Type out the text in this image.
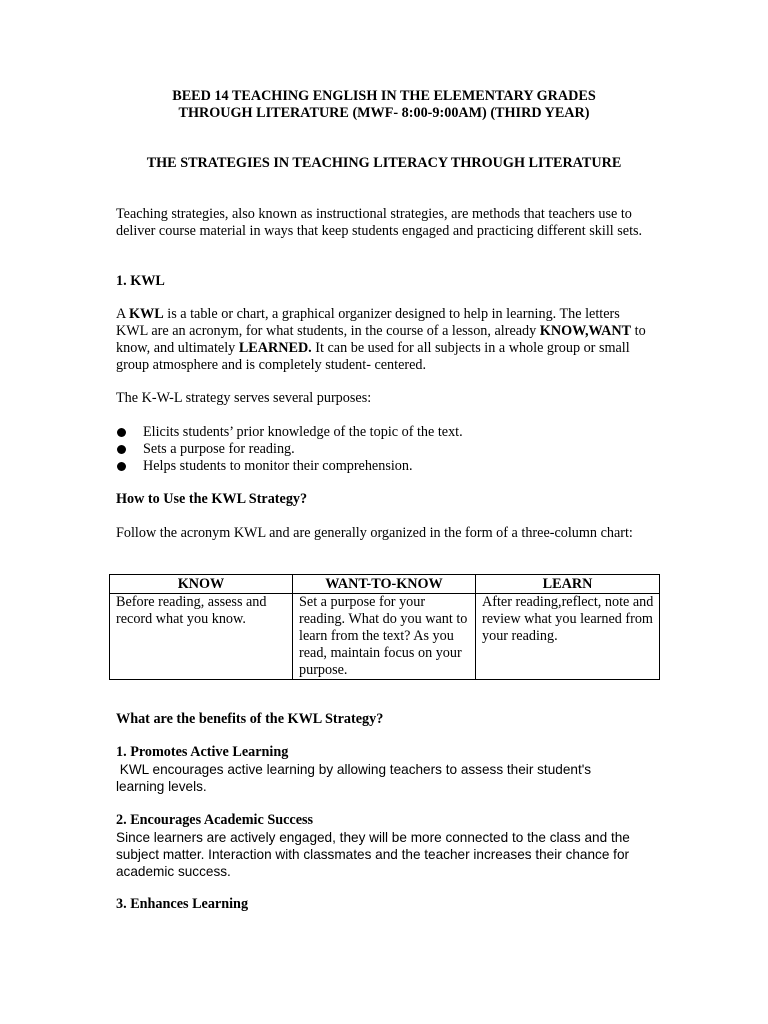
BEED 14 TEACHING ENGLISH IN THE ELEMENTARY GRADES

THROUGH LITERATURE (MWF- 8:00-9:00AM) (THIRD YEAR)

THE STRATEGIES IN TEACHING LITERACY THROUGH LITERATURE

Teaching strategies, also known as instructional strategies, are methods that teachers use to deliver course material in ways that keep students engaged and practicing different skill sets.

1. KWL

A KWL is a table or chart, a graphical organizer designed to help in learning. The letters KWL are an acronym, for what students, in the course of a lesson, already KNOW,WANT to know, and ultimately LEARNED. It can be used for all subjects in a whole group or small group atmosphere and is completely student- centered.

The K-W-L strategy serves several purposes:

Elicits students’ prior knowledge of the topic of the text.
Sets a purpose for reading.
Helps students to monitor their comprehension.

How to Use the KWL Strategy?

Follow the acronym KWL and are generally organized in the form of a three-column chart:

KNOW	WANT-TO-KNOW	LEARN
Before reading, assess and record what you know.	Set a purpose for your reading. What do you want to learn from the text? As you read, maintain focus on your purpose.	After reading,reflect, note and review what you learned from your reading.

What are the benefits of the KWL Strategy?

1. Promotes Active Learning

KWL encourages active learning by allowing teachers to assess their student's learning levels.

2. Encourages Academic Success

Since learners are actively engaged, they will be more connected to the class and the subject matter. Interaction with classmates and the teacher increases their chance for academic success.

3. Enhances Learning
